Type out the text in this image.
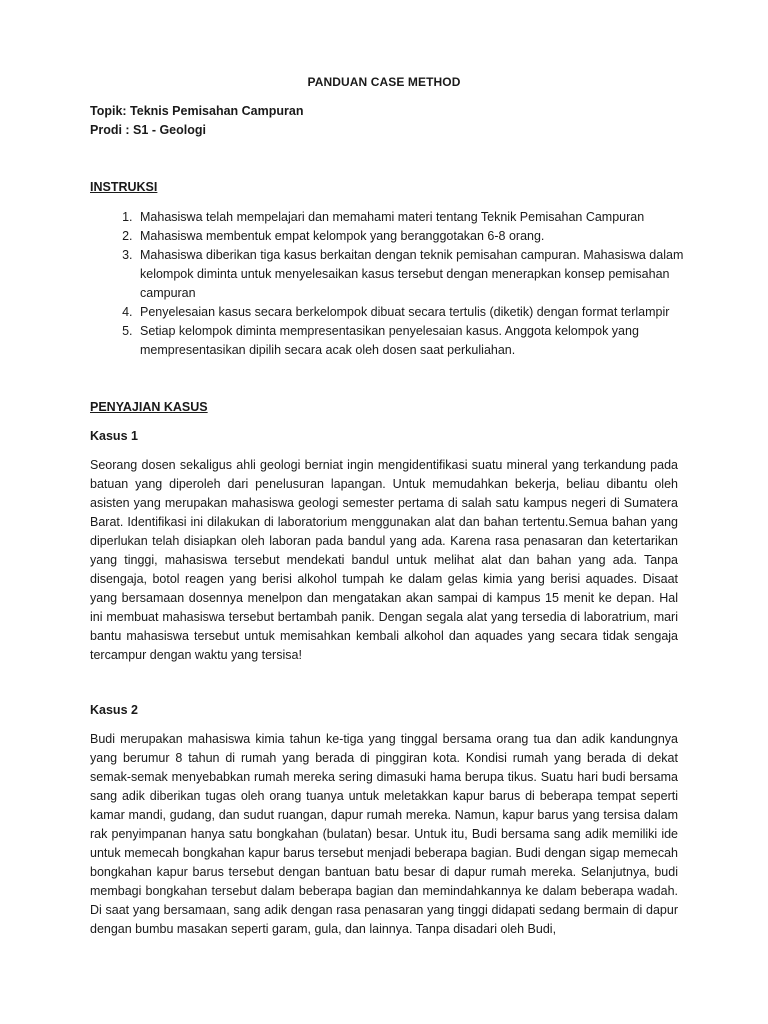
PANDUAN CASE METHOD
Topik: Teknis Pemisahan Campuran
Prodi : S1 - Geologi
INSTRUKSI
1. Mahasiswa telah mempelajari dan memahami materi tentang Teknik Pemisahan Campuran
2. Mahasiswa membentuk empat kelompok yang beranggotakan 6-8 orang.
3. Mahasiswa diberikan tiga kasus berkaitan dengan teknik pemisahan campuran. Mahasiswa dalam kelompok diminta untuk menyelesaikan kasus tersebut dengan menerapkan konsep pemisahan campuran
4. Penyelesaian kasus secara berkelompok dibuat secara tertulis (diketik) dengan format terlampir
5. Setiap kelompok diminta mempresentasikan penyelesaian kasus. Anggota kelompok yang mempresentasikan dipilih secara acak oleh dosen saat perkuliahan.
PENYAJIAN KASUS
Kasus 1

Seorang dosen sekaligus ahli geologi berniat ingin mengidentifikasi suatu mineral yang terkandung pada batuan yang diperoleh dari penelusuran lapangan. Untuk memudahkan bekerja, beliau dibantu oleh asisten yang merupakan mahasiswa geologi semester pertama di salah satu kampus negeri di Sumatera Barat. Identifikasi ini dilakukan di laboratorium menggunakan alat dan bahan tertentu.Semua bahan yang diperlukan telah disiapkan oleh laboran pada bandul yang ada. Karena rasa penasaran dan ketertarikan yang tinggi, mahasiswa tersebut mendekati bandul untuk melihat alat dan bahan yang ada. Tanpa disengaja, botol reagen yang berisi alkohol tumpah ke dalam gelas kimia yang berisi aquades. Disaat yang bersamaan dosennya menelpon dan mengatakan akan sampai di kampus 15 menit ke depan. Hal ini membuat mahasiswa tersebut bertambah panik. Dengan segala alat yang tersedia di laboratrium, mari bantu mahasiswa tersebut untuk memisahkan kembali alkohol dan aquades yang secara tidak sengaja tercampur dengan waktu yang tersisa!

Kasus 2

Budi merupakan mahasiswa kimia tahun ke-tiga yang tinggal bersama orang tua dan adik kandungnya yang berumur 8 tahun di rumah yang berada di pinggiran kota. Kondisi rumah yang berada di dekat semak-semak menyebabkan rumah mereka sering dimasuki hama berupa tikus. Suatu hari budi bersama sang adik diberikan tugas oleh orang tuanya untuk meletakkan kapur barus di beberapa tempat seperti kamar mandi, gudang, dan sudut ruangan, dapur rumah mereka. Namun, kapur barus yang tersisa dalam rak penyimpanan hanya satu bongkahan (bulatan) besar. Untuk itu, Budi bersama sang adik memiliki ide untuk memecah bongkahan kapur barus tersebut menjadi beberapa bagian. Budi dengan sigap memecah bongkahan kapur barus tersebut dengan bantuan batu besar di dapur rumah mereka. Selanjutnya, budi membagi bongkahan tersebut dalam beberapa bagian dan memindahkannya ke dalam beberapa wadah. Di saat yang bersamaan, sang adik dengan rasa penasaran yang tinggi didapati sedang bermain di dapur dengan bumbu masakan seperti garam, gula, dan lainnya. Tanpa disadari oleh Budi,
